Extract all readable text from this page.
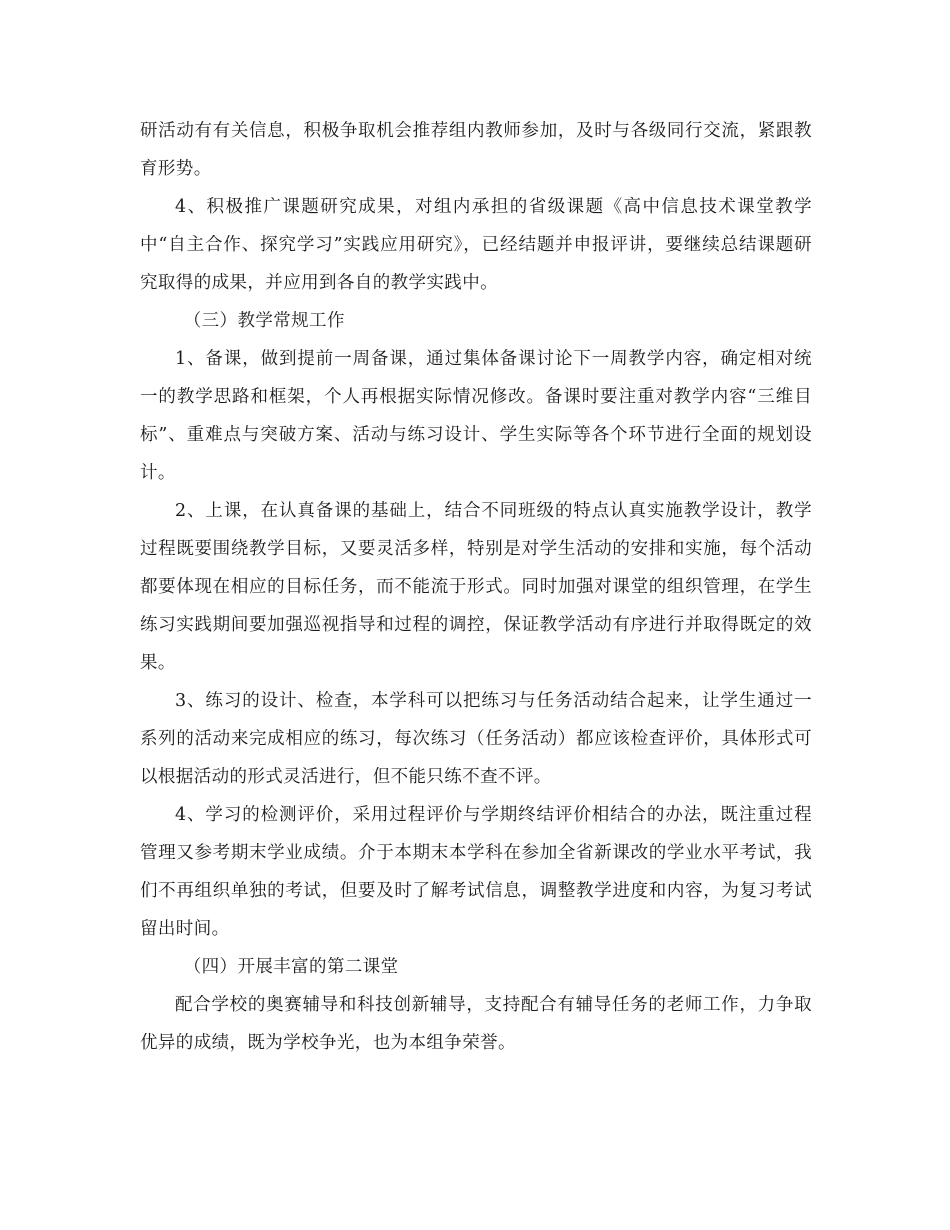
研活动有有关信息，积极争取机会推荐组内教师参加，及时与各级同行交流，紧跟教育形势。

4、积极推广课题研究成果，对组内承担的省级课题《高中信息技术课堂教学中“自主合作、探究学习”实践应用研究》，已经结题并申报评讲，要继续总结课题研究取得的成果，并应用到各自的教学实践中。

（三）教学常规工作

1、备课，做到提前一周备课，通过集体备课讨论下一周教学内容，确定相对统一的教学思路和框架，个人再根据实际情况修改。备课时要注重对教学内容“三维目标”、重难点与突破方案、活动与练习设计、学生实际等各个环节进行全面的规划设计。

2、上课，在认真备课的基础上，结合不同班级的特点认真实施教学设计，教学过程既要围绕教学目标，又要灵活多样，特别是对学生活动的安排和实施，每个活动都要体现在相应的目标任务，而不能流于形式。同时加强对课堂的组织管理，在学生练习实践期间要加强巡视指导和过程的调控，保证教学活动有序进行并取得既定的效果。

3、练习的设计、检查，本学科可以把练习与任务活动结合起来，让学生通过一系列的活动来完成相应的练习，每次练习（任务活动）都应该检查评价，具体形式可以根据活动的形式灵活进行，但不能只练不查不评。

4、学习的检测评价，采用过程评价与学期终结评价相结合的办法，既注重过程管理又参考期末学业成绩。介于本期末本学科在参加全省新课改的学业水平考试，我们不再组织单独的考试，但要及时了解考试信息，调整教学进度和内容，为复习考试留出时间。

（四）开展丰富的第二课堂

配合学校的奥赛辅导和科技创新辅导，支持配合有辅导任务的老师工作，力争取优异的成绩，既为学校争光，也为本组争荣誉。
